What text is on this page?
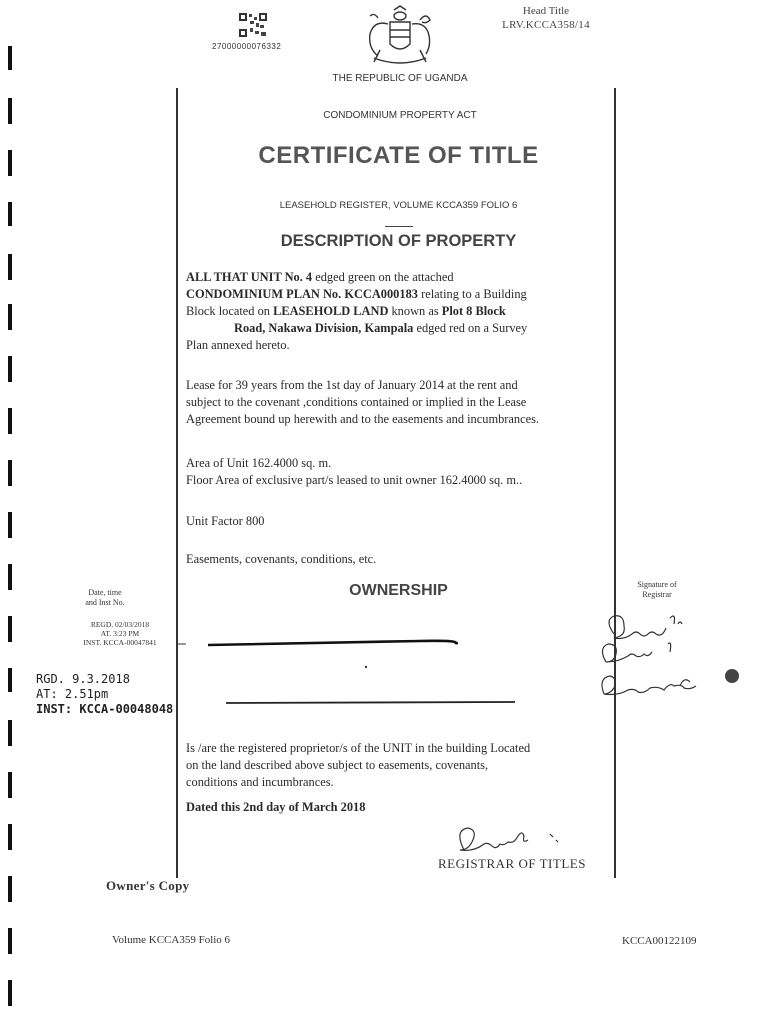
27000000076332
Head Title
LRV.KCCA358/14
THE REPUBLIC OF UGANDA
CONDOMINIUM PROPERTY ACT
CERTIFICATE OF TITLE
LEASEHOLD REGISTER, VOLUME KCCA359 FOLIO 6
DESCRIPTION OF PROPERTY
ALL THAT UNIT No. 4 edged green on the attached
CONDOMINIUM PLAN No. KCCA000183 relating to a Building
Block located on LEASEHOLD LAND known as Plot 8 Block
Road, Nakawa Division, Kampala edged red on a Survey
Plan annexed hereto.
Lease for 39 years from the 1st day of January 2014 at the rent and
subject to the covenant ,conditions contained or implied in the Lease
Agreement bound up herewith and to the easements and incumbrances.
Area of Unit 162.4000 sq. m.
Floor Area of exclusive part/s leased to unit owner 162.4000 sq. m..
Unit Factor 800
Easements, covenants, conditions, etc.
OWNERSHIP
Date, time
and Inst No.
REGD. 02/03/2018
AT. 3:23 PM
INST. KCCA-00047841
RGD. 9.3.2018
AT: 2.51pm
INST: KCCA-00048048
Signature of
Registrar
Is /are the registered proprietor/s of the UNIT in the building Located
on the land described above subject to easements, covenants,
conditions and incumbrances.
Dated this 2nd day of March 2018
REGISTRAR OF TITLES
Owner's Copy
Volume KCCA359 Folio 6	KCCA00122109
